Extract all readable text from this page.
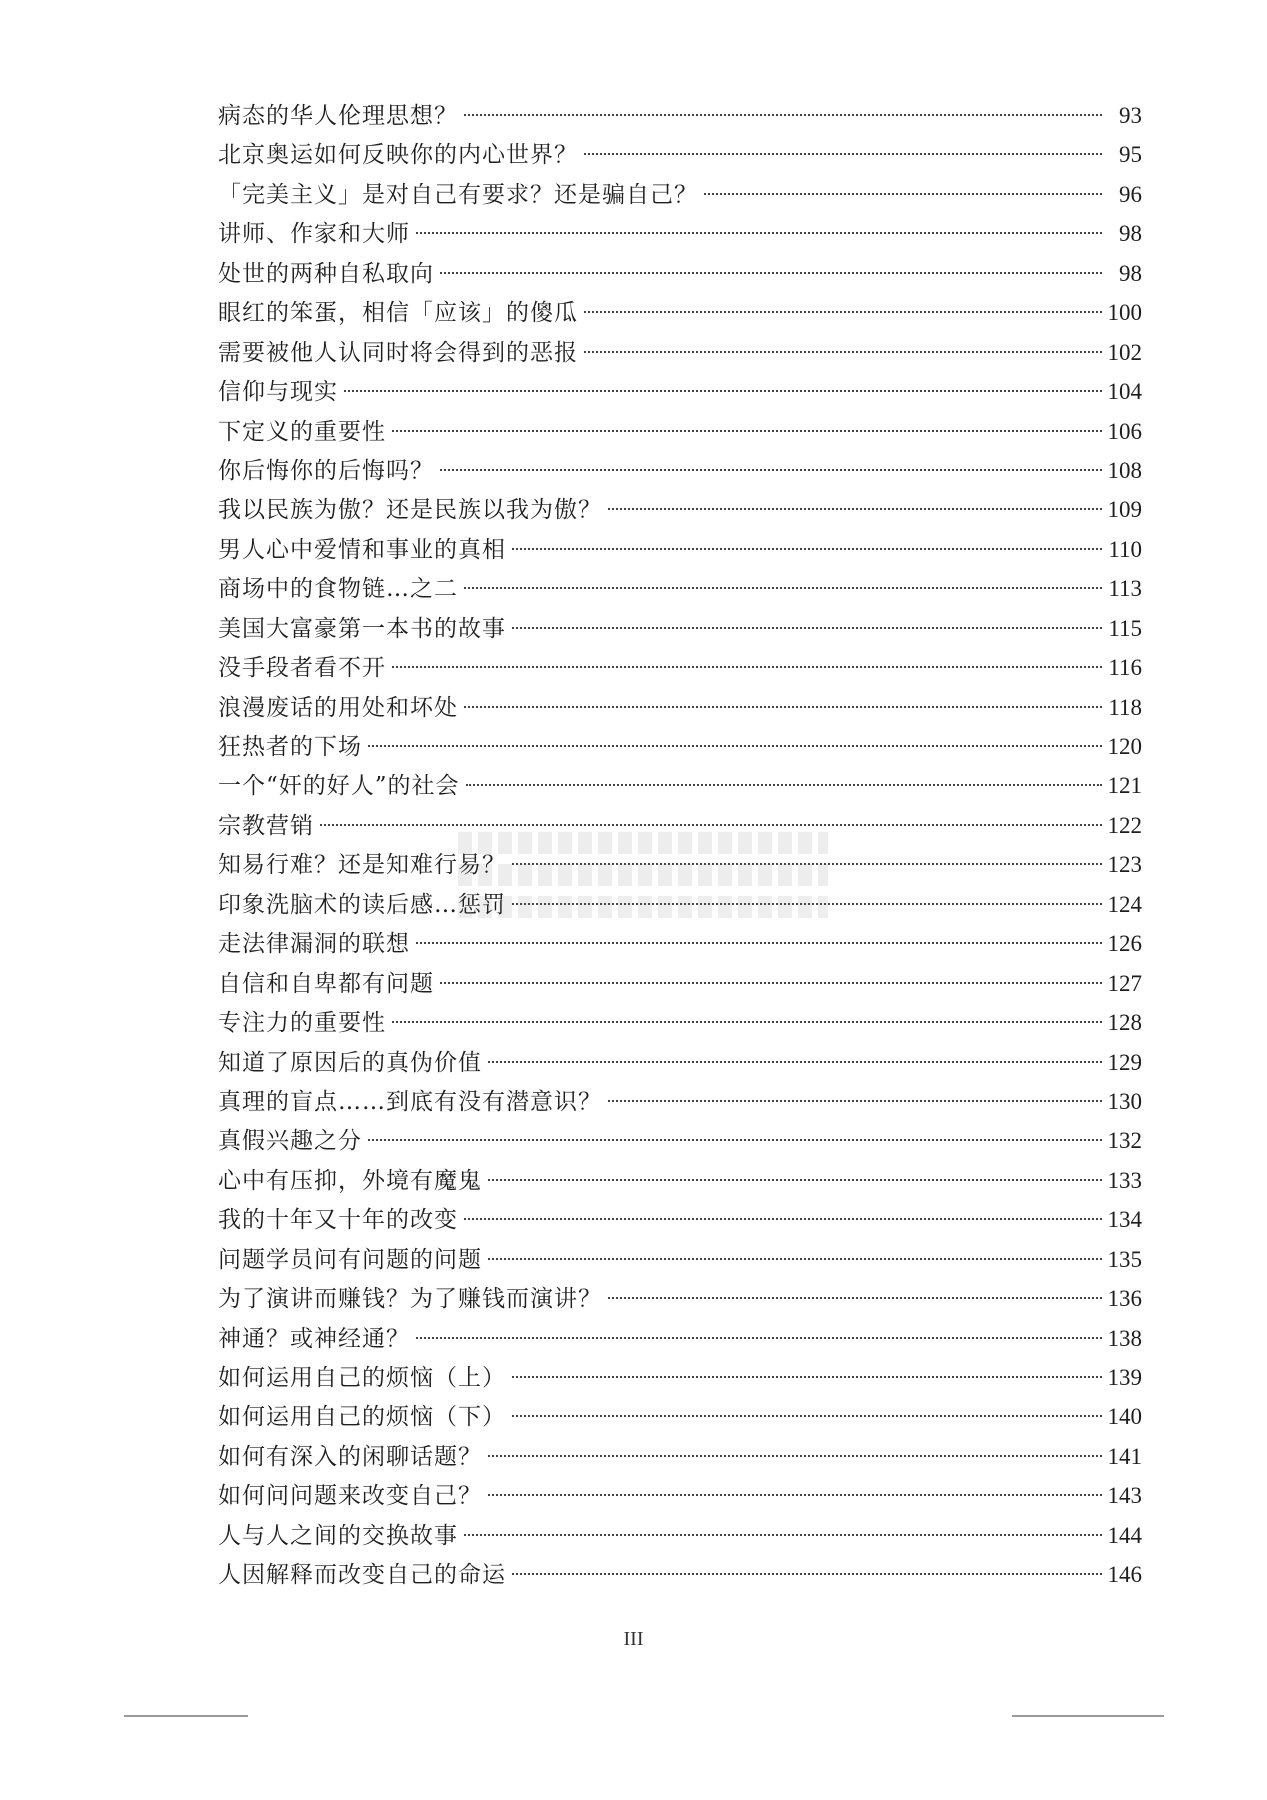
病态的华人伦理思想？	93
北京奥运如何反映你的内心世界？	95
「完美主义」是对自己有要求？还是骗自己？	96
讲师、作家和大师	98
处世的两种自私取向	98
眼红的笨蛋，相信「应该」的傻瓜	100
需要被他人认同时将会得到的恶报	102
信仰与现实	104
下定义的重要性	106
你后悔你的后悔吗？	108
我以民族为傲？还是民族以我为傲？	109
男人心中爱情和事业的真相	110
商场中的食物链…之二	113
美国大富豪第一本书的故事	115
没手段者看不开	116
浪漫废话的用处和坏处	118
狂热者的下场	120
一个“奸的好人”的社会	121
宗教营销	122
知易行难？还是知难行易？	123
印象洗脑术的读后感…惩罚	124
走法律漏洞的联想	126
自信和自卑都有问题	127
专注力的重要性	128
知道了原因后的真伪价值	129
真理的盲点……到底有没有潜意识？	130
真假兴趣之分	132
心中有压抑，外境有魔鬼	133
我的十年又十年的改变	134
问题学员问有问题的问题	135
为了演讲而赚钱？为了赚钱而演讲？	136
神通？或神经通？	138
如何运用自己的烦恼（上）	139
如何运用自己的烦恼（下）	140
如何有深入的闲聊话题？	141
如何问问题来改变自己？	143
人与人之间的交换故事	144
人因解释而改变自己的命运	146
III
